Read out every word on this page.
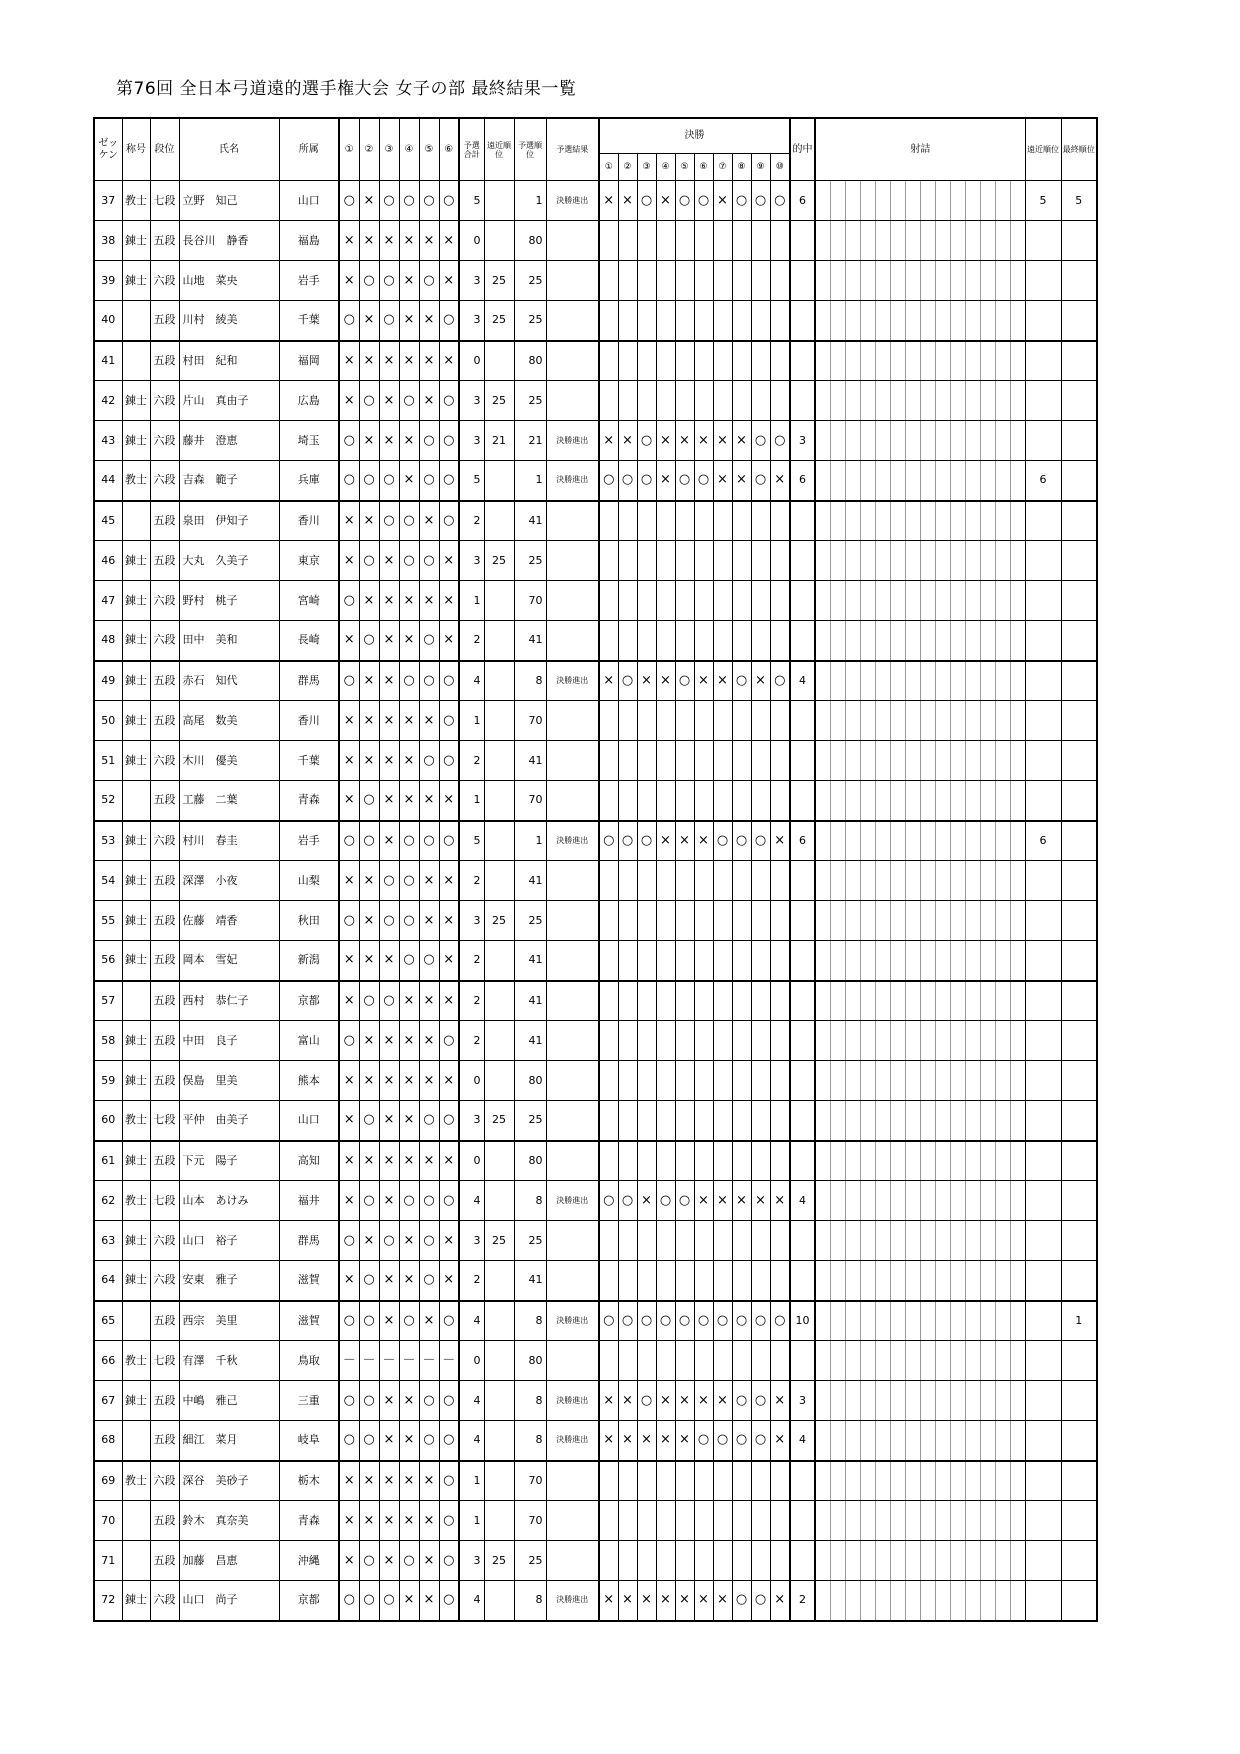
第76回 全日本弓道遠的選手権大会 女子の部 最終結果一覧
ゼッケン	称号	段位	氏名	所属	①	②	③	④	⑤	⑥	予選合計	遠近順位	予選順位	予選結果	決勝										的中	射詰	遠近順位	最終順位
															①	②	③	④	⑤	⑥	⑦	⑧	⑨	⑩				
37	教士	七段	立野　知己	山口	○	×	○	○	○	○	5		1	決勝進出	×	×	○	×	○	○	×	○	○	○	6		5	5
38	錬士	五段	長谷川　静香	福島	×	×	×	×	×	×	0		80															
39	錬士	六段	山地　菜央	岩手	×	○	○	×	○	×	3	25	25															
40		五段	川村　綾美	千葉	○	×	○	×	×	○	3	25	25															
41		五段	村田　紀和	福岡	×	×	×	×	×	×	0		80															
42	錬士	六段	片山　真由子	広島	×	○	×	○	×	○	3	25	25															
43	錬士	六段	藤井　澄恵	埼玉	○	×	×	×	○	○	3	21	21	決勝進出	×	×	○	×	×	×	×	×	○	○	3			
44	教士	六段	吉森　範子	兵庫	○	○	○	×	○	○	5		1	決勝進出	○	○	○	×	○	○	×	×	○	×	6		6	
45		五段	泉田　伊知子	香川	×	×	○	○	×	○	2		41															
46	錬士	五段	大丸　久美子	東京	×	○	×	○	○	×	3	25	25															
47	錬士	六段	野村　桃子	宮崎	○	×	×	×	×	×	1		70															
48	錬士	六段	田中　美和	長崎	×	○	×	×	○	×	2		41															
49	錬士	五段	赤石　知代	群馬	○	×	×	○	○	○	4		8	決勝進出	×	○	×	×	○	×	×	○	×	○	4			
50	錬士	五段	高尾　数美	香川	×	×	×	×	×	○	1		70															
51	錬士	六段	木川　優美	千葉	×	×	×	×	○	○	2		41															
52		五段	工藤　二葉	青森	×	○	×	×	×	×	1		70															
53	錬士	六段	村川　春圭	岩手	○	○	×	○	○	○	5		1	決勝進出	○	○	○	×	×	×	○	○	○	×	6		6	
54	錬士	五段	深澤　小夜	山梨	×	×	○	○	×	×	2		41															
55	錬士	五段	佐藤　靖香	秋田	○	×	○	○	×	×	3	25	25															
56	錬士	五段	岡本　雪妃	新潟	×	×	×	○	○	×	2		41															
57		五段	西村　恭仁子	京都	×	○	○	×	×	×	2		41															
58	錬士	五段	中田　良子	富山	○	×	×	×	×	○	2		41															
59	錬士	五段	俣島　里美	熊本	×	×	×	×	×	×	0		80															
60	教士	七段	平仲　由美子	山口	×	○	×	×	○	○	3	25	25															
61	錬士	五段	下元　陽子	高知	×	×	×	×	×	×	0		80															
62	教士	七段	山本　あけみ	福井	×	○	×	○	○	○	4		8	決勝進出	○	○	×	○	○	×	×	×	×	×	4			
63	錬士	六段	山口　裕子	群馬	○	×	○	×	○	×	3	25	25															
64	錬士	六段	安東　雅子	滋賀	×	○	×	×	○	×	2		41															
65		五段	西宗　美里	滋賀	○	○	×	○	×	○	4		8	決勝進出	○	○	○	○	○	○	○	○	○	○	10			1
66	教士	七段	有澤　千秋	鳥取	－	－	－	－	－	－	0		80															
67	錬士	五段	中嶋　雅己	三重	○	○	×	×	○	○	4		8	決勝進出	×	×	○	×	×	×	×	○	○	×	3			
68		五段	細江　菜月	岐阜	○	○	×	×	○	○	4		8	決勝進出	×	×	×	×	×	○	○	○	○	×	4			
69	教士	六段	深谷　美砂子	栃木	×	×	×	×	×	○	1		70															
70		五段	鈴木　真奈美	青森	×	×	×	×	×	○	1		70															
71		五段	加藤　昌恵	沖縄	×	○	×	○	×	○	3	25	25															
72	錬士	六段	山口　尚子	京都	○	○	○	×	×	○	4		8	決勝進出	×	×	×	×	×	×	×	○	○	×	2			
